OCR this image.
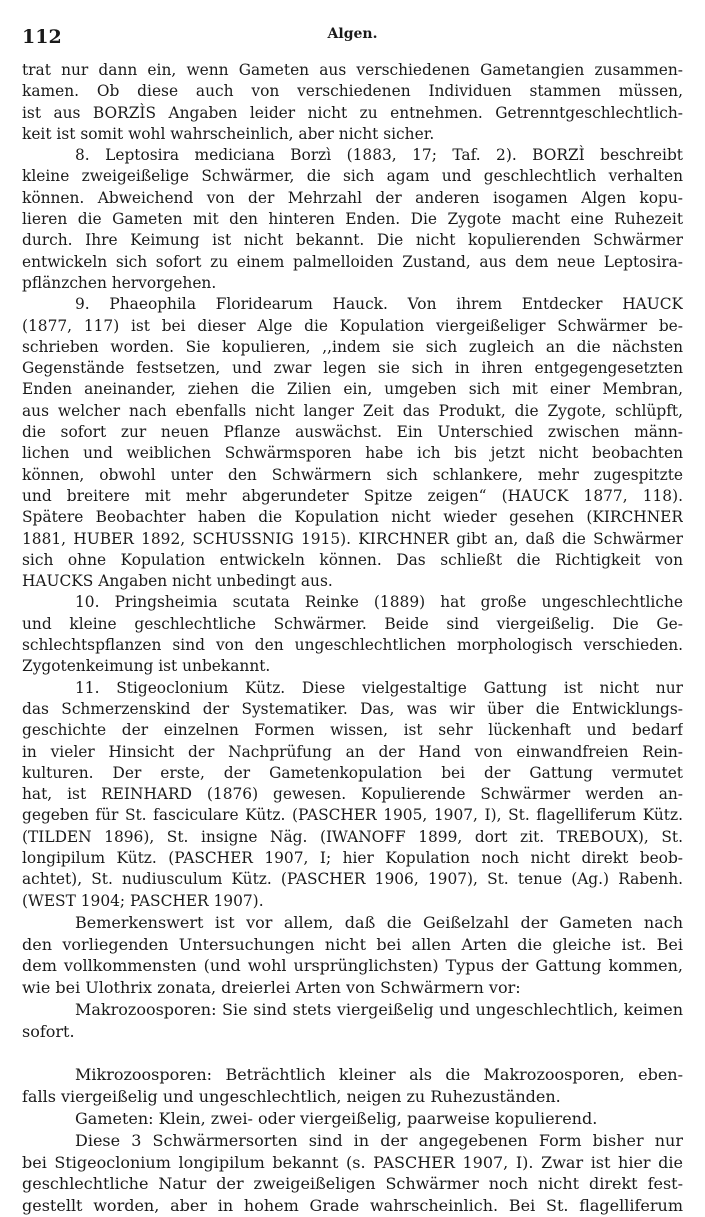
112	Algen.
trat nur dann ein, wenn Gameten aus verschiedenen Gametangien zusammen-
kamen. Ob diese auch von verschiedenen Individuen stammen müssen,
ist aus BORZÌS Angaben leider nicht zu entnehmen. Getrenntgeschlechtlich-
keit ist somit wohl wahrscheinlich, aber nicht sicher.
8. Leptosira mediciana Borzì (1883, 17; Taf. 2). BORZÌ beschreibt
kleine zweigeißelige Schwärmer, die sich agam und geschlechtlich verhalten
können. Abweichend von der Mehrzahl der anderen isogamen Algen kopu-
lieren die Gameten mit den hinteren Enden. Die Zygote macht eine Ruhezeit
durch. Ihre Keimung ist nicht bekannt. Die nicht kopulierenden Schwärmer
entwickeln sich sofort zu einem palmelloiden Zustand, aus dem neue Leptosira-
pflänzchen hervorgehen.
9. Phaeophila Floridearum Hauck. Von ihrem Entdecker HAUCK
(1877, 117) ist bei dieser Alge die Kopulation viergeißeliger Schwärmer be-
schrieben worden. Sie kopulieren, ,,indem sie sich zugleich an die nächsten
Gegenstände festsetzen, und zwar legen sie sich in ihren entgegengesetzten
Enden aneinander, ziehen die Zilien ein, umgeben sich mit einer Membran,
aus welcher nach ebenfalls nicht langer Zeit das Produkt, die Zygote, schlüpft,
die sofort zur neuen Pflanze auswächst. Ein Unterschied zwischen männ-
lichen und weiblichen Schwärmsporen habe ich bis jetzt nicht beobachten
können, obwohl unter den Schwärmern sich schlankere, mehr zugespitzte
und breitere mit mehr abgerundeter Spitze zeigen“ (HAUCK 1877, 118).
Spätere Beobachter haben die Kopulation nicht wieder gesehen (KIRCHNER
1881, HUBER 1892, SCHUSSNIG 1915). KIRCHNER gibt an, daß die Schwärmer
sich ohne Kopulation entwickeln können. Das schließt die Richtigkeit von
HAUCKS Angaben nicht unbedingt aus.
10. Pringsheimia scutata Reinke (1889) hat große ungeschlechtliche
und kleine geschlechtliche Schwärmer. Beide sind viergeißelig. Die Ge-
schlechtspflanzen sind von den ungeschlechtlichen morphologisch verschieden.
Zygotenkeimung ist unbekannt.
11. Stigeoclonium Kütz. Diese vielgestaltige Gattung ist nicht nur
das Schmerzenskind der Systematiker. Das, was wir über die Entwicklungs-
geschichte der einzelnen Formen wissen, ist sehr lückenhaft und bedarf
in vieler Hinsicht der Nachprüfung an der Hand von einwandfreien Rein-
kulturen. Der erste, der Gametenkopulation bei der Gattung vermutet
hat, ist REINHARD (1876) gewesen. Kopulierende Schwärmer werden an-
gegeben für St. fasciculare Kütz. (PASCHER 1905, 1907, I), St. flagelliferum Kütz.
(TILDEN 1896), St. insigne Näg. (IWANOFF 1899, dort zit. TREBOUX), St.
longipilum Kütz. (PASCHER 1907, I; hier Kopulation noch nicht direkt beob-
achtet), St. nudiusculum Kütz. (PASCHER 1906, 1907), St. tenue (Ag.) Rabenh.
(WEST 1904; PASCHER 1907).
Bemerkenswert ist vor allem, daß die Geißelzahl der Gameten nach
den vorliegenden Untersuchungen nicht bei allen Arten die gleiche ist. Bei
dem vollkommensten (und wohl ursprünglichsten) Typus der Gattung kommen,
wie bei Ulothrix zonata, dreierlei Arten von Schwärmern vor:
Makrozoosporen: Sie sind stets viergeißelig und ungeschlechtlich, keimen
sofort.
Mikrozoosporen: Beträchtlich kleiner als die Makrozoosporen, eben-
falls viergeißelig und ungeschlechtlich, neigen zu Ruhezuständen.
Gameten: Klein, zwei- oder viergeißelig, paarweise kopulierend.
Diese 3 Schwärmersorten sind in der angegebenen Form bisher nur
bei Stigeoclonium longipilum bekannt (s. PASCHER 1907, I). Zwar ist hier die
geschlechtliche Natur der zweigeißeligen Schwärmer noch nicht direkt fest-
gestellt worden, aber in hohem Grade wahrscheinlich. Bei St. flagelliferum
